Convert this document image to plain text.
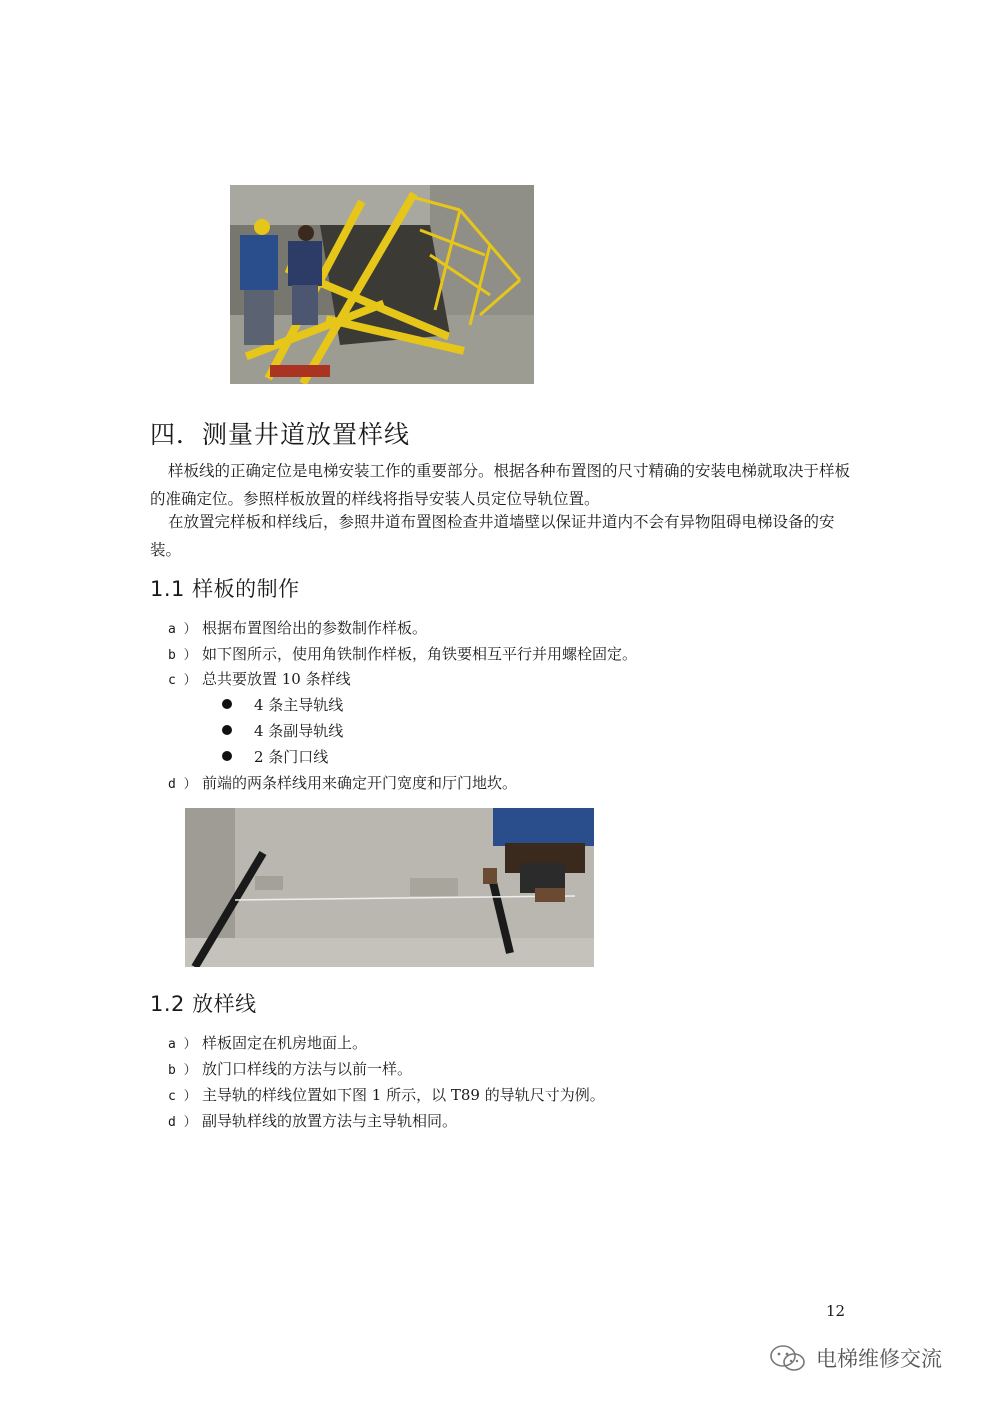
四．测量井道放置样线
样板线的正确定位是电梯安装工作的重要部分。根据各种布置图的尺寸精确的安装电梯就取决于样板的准确定位。参照样板放置的样线将指导安装人员定位导轨位置。
在放置完样板和样线后，参照井道布置图检查井道墙壁以保证井道内不会有异物阻碍电梯设备的安装。
1.1 样板的制作
a ） 根据布置图给出的参数制作样板。
b ） 如下图所示，使用角铁制作样板，角铁要相互平行并用螺栓固定。
c ） 总共要放置 10 条样线
4 条主导轨线
4 条副导轨线
2 条门口线
d ） 前端的两条样线用来确定开门宽度和厅门地坎。
1.2 放样线
a ） 样板固定在机房地面上。
b ） 放门口样线的方法与以前一样。
c ） 主导轨的样线位置如下图 1 所示，以 T89 的导轨尺寸为例。
d ） 副导轨样线的放置方法与主导轨相同。
12
电梯维修交流
